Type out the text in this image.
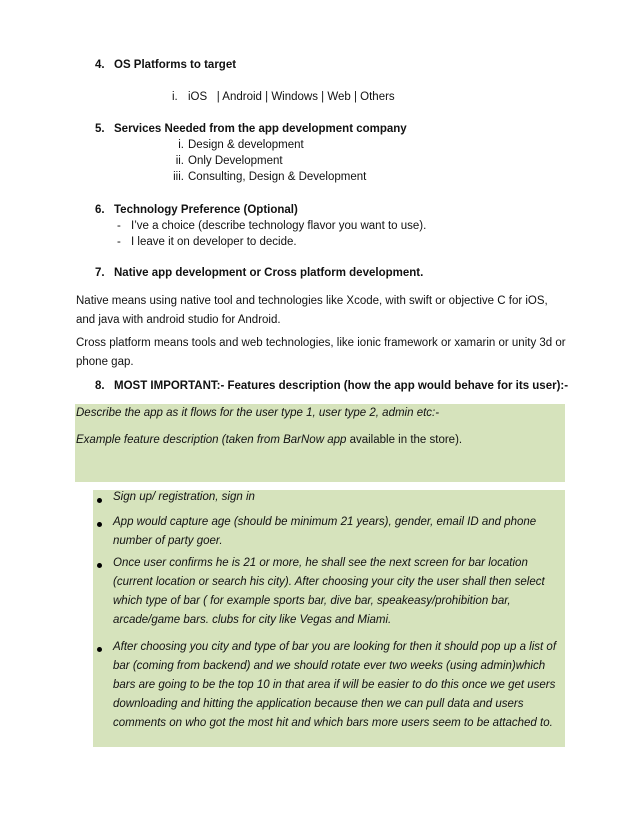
4. OS Platforms to target
i. iOS   | Android | Windows | Web | Others
5. Services Needed from the app development company
i. Design & development
ii. Only Development
iii. Consulting, Design & Development
6. Technology Preference (Optional)
- I’ve a choice (describe technology flavor you want to use).
- I leave it on developer to decide.
7. Native app development or Cross platform development.
Native means using native tool and technologies like Xcode, with swift or objective C for iOS, and java with android studio for Android.
Cross platform means tools and web technologies, like ionic framework or xamarin or unity 3d or phone gap.
8. MOST IMPORTANT:- Features description (how the app would behave for its user):-
Describe the app as it flows for the user type 1, user type 2, admin etc:-
Example feature description (taken from BarNow app available in the store).
Sign up/ registration, sign in
App would capture age (should be minimum 21 years), gender, email ID and phone number of party goer.
Once user confirms he is 21 or more, he shall see the next screen for bar location (current location or search his city). After choosing your city the user shall then select which type of bar ( for example sports bar, dive bar, speakeasy/prohibition bar, arcade/game bars. clubs for city like Vegas and Miami.
After choosing you city and type of bar you are looking for then it should pop up a list of bar (coming from backend) and we should rotate ever two weeks (using admin)which bars are going to be the top 10 in that area if will be easier to do this once we get users downloading and hitting the application because then we can pull data and users comments on who got the most hit and which bars more users seem to be attached to.
